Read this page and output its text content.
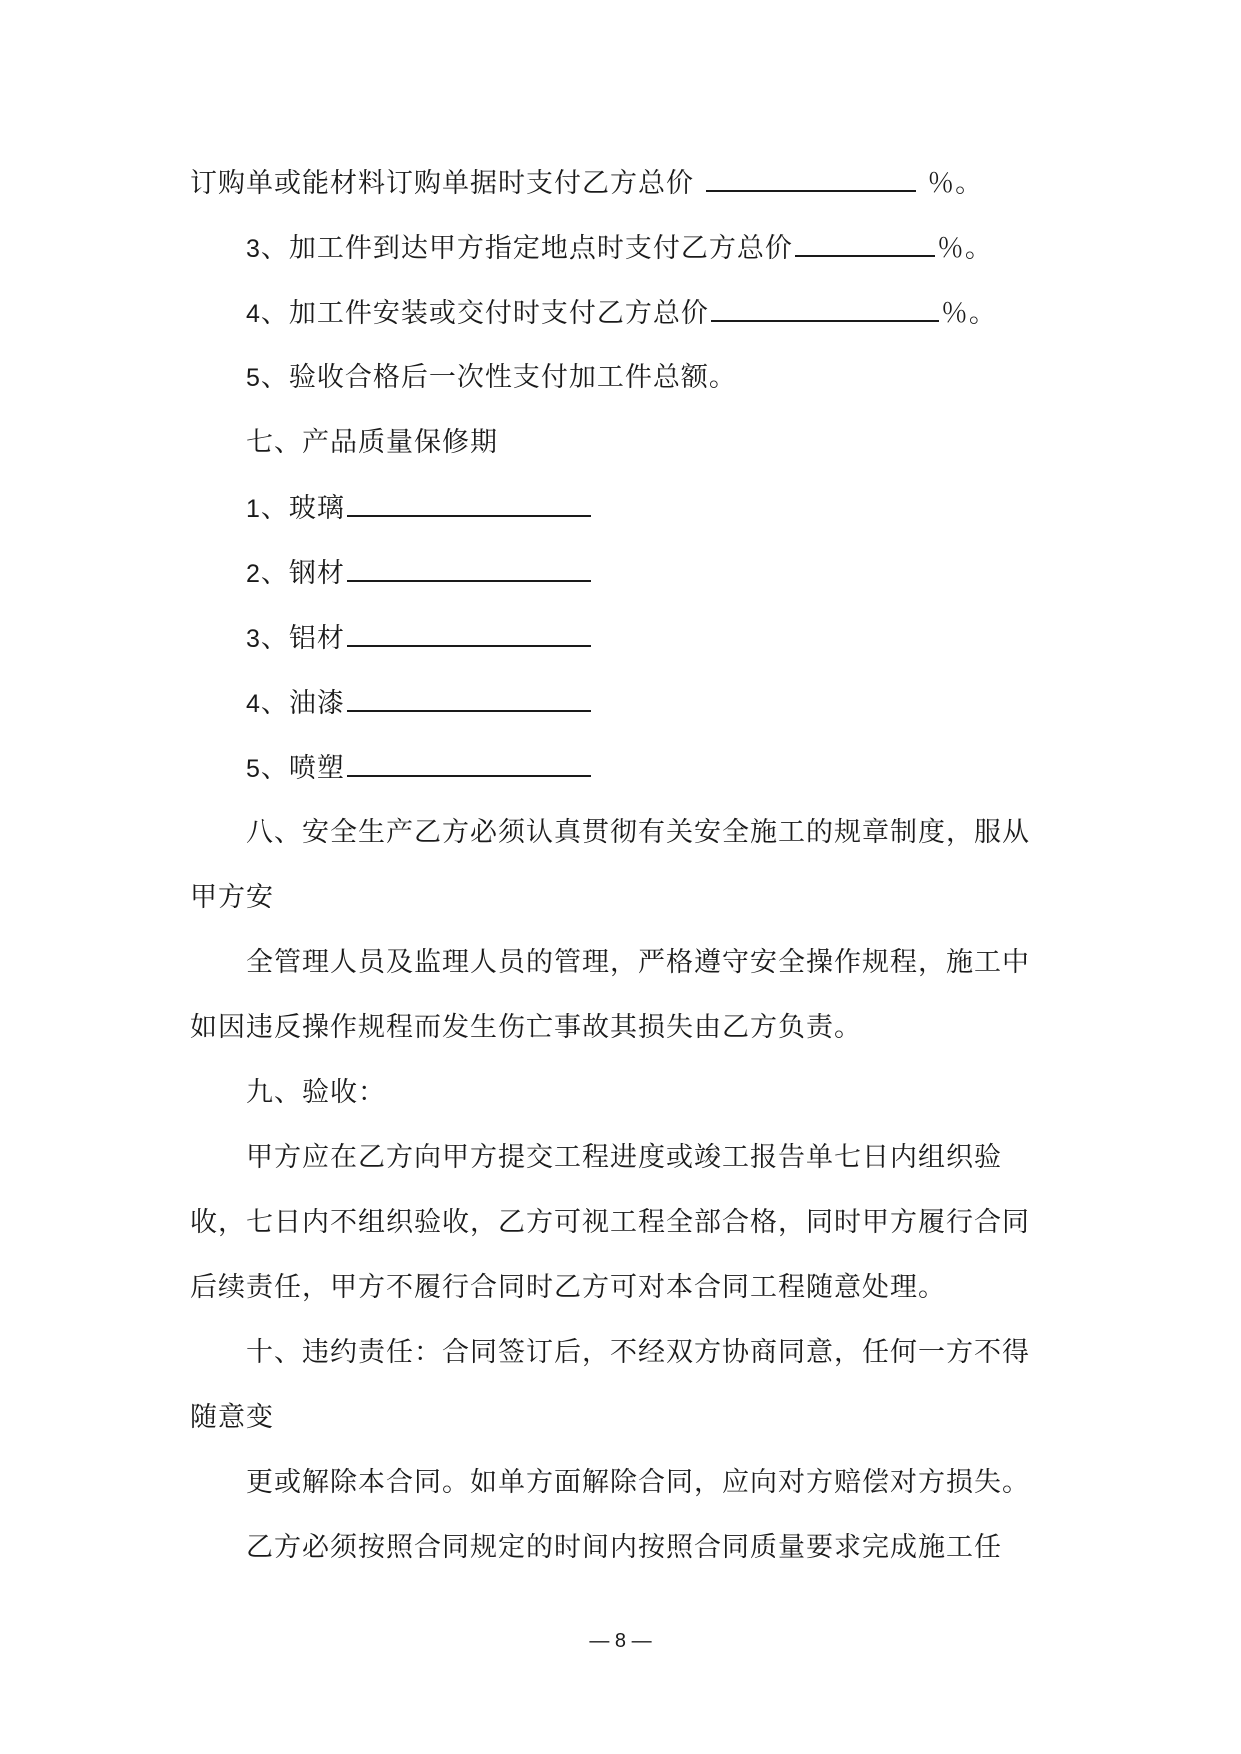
订购单或能材料订购单据时支付乙方总价	％。
3、加工件到达甲方指定地点时支付乙方总价	％。
4、加工件安装或交付时支付乙方总价	％。
5、验收合格后一次性支付加工件总额。
七、产品质量保修期
1、玻璃
2、钢材
3、铝材
4、油漆
5、喷塑
八、安全生产乙方必须认真贯彻有关安全施工的规章制度，服从
甲方安
全管理人员及监理人员的管理，严格遵守安全操作规程，施工中
如因违反操作规程而发生伤亡事故其损失由乙方负责。
九、验收：
甲方应在乙方向甲方提交工程进度或竣工报告单七日内组织验
收，七日内不组织验收，乙方可视工程全部合格，同时甲方履行合同
后续责任，甲方不履行合同时乙方可对本合同工程随意处理。
十、违约责任：合同签订后，不经双方协商同意，任何一方不得
随意变
更或解除本合同。如单方面解除合同，应向对方赔偿对方损失。
乙方必须按照合同规定的时间内按照合同质量要求完成施工任
— 8 —
